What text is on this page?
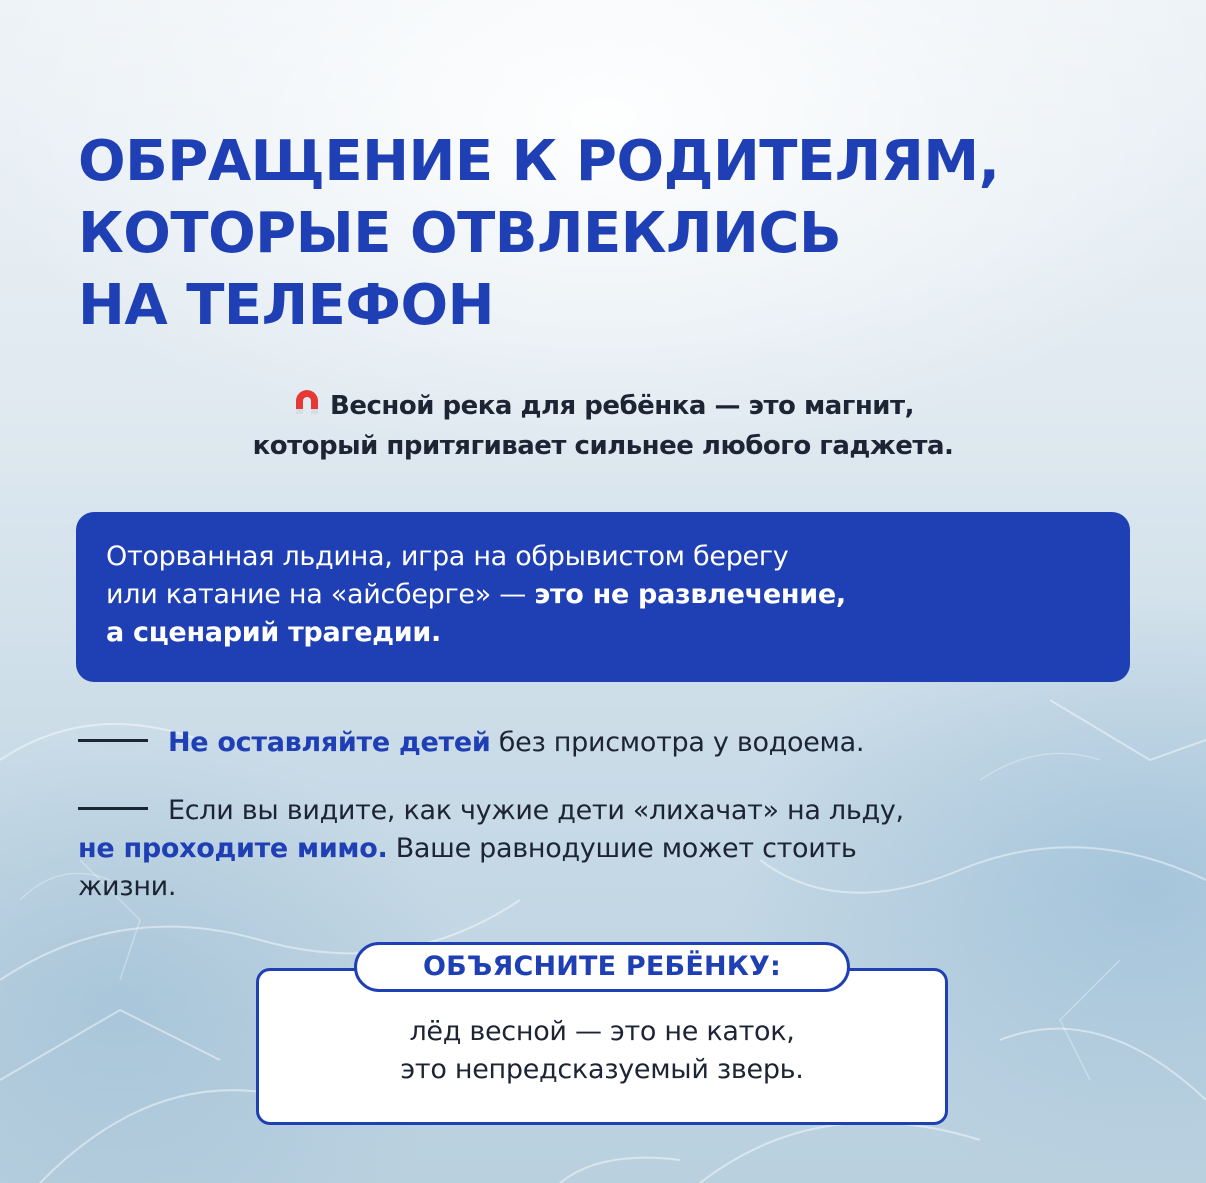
ОБРАЩЕНИЕ К РОДИТЕЛЯМ,
КОТОРЫЕ ОТВЛЕКЛИСЬ
НА ТЕЛЕФОН
Весной река для ребёнка — это магнит,
который притягивает сильнее любого гаджета.
Оторванная льдина, игра на обрывистом берегу
или катание на «айсберге» — это не развлечение,
а сценарий трагедии.
Не оставляйте детей без присмотра у водоема.
Если вы видите, как чужие дети «лихачат» на льду,
не проходите мимо. Ваше равнодушие может стоить
жизни.
лёд весной — это не каток,
это непредсказуемый зверь.
ОБЪЯСНИТЕ РЕБЁНКУ:
